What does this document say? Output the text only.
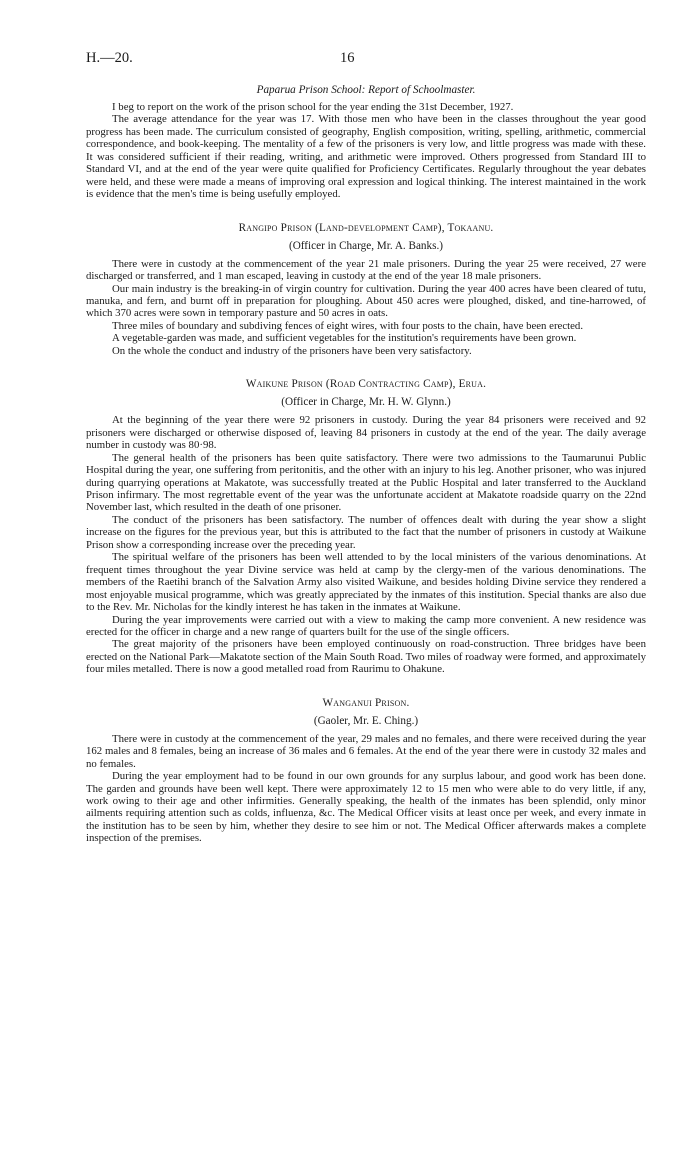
H.—20.	16

Paparua Prison School: Report of Schoolmaster.

I beg to report on the work of the prison school for the year ending the 31st December, 1927.

The average attendance for the year was 17. With those men who have been in the classes throughout the year good progress has been made. The curriculum consisted of geography, English composition, writing, spelling, arithmetic, commercial correspondence, and book-keeping. The mentality of a few of the prisoners is very low, and little progress was made with these. It was considered sufficient if their reading, writing, and arithmetic were improved. Others progressed from Standard III to Standard VI, and at the end of the year were quite qualified for Proficiency Certificates. Regularly throughout the year debates were held, and these were made a means of improving oral expression and logical thinking. The interest maintained in the work is evidence that the men's time is being usefully employed.

Rangipo Prison (Land-development Camp), Tokaanu.

(Officer in Charge, Mr. A. Banks.)

There were in custody at the commencement of the year 21 male prisoners. During the year 25 were received, 27 were discharged or transferred, and 1 man escaped, leaving in custody at the end of the year 18 male prisoners.

Our main industry is the breaking-in of virgin country for cultivation. During the year 400 acres have been cleared of tutu, manuka, and fern, and burnt off in preparation for ploughing. About 450 acres were ploughed, disked, and tine-harrowed, of which 370 acres were sown in temporary pasture and 50 acres in oats.

Three miles of boundary and subdiving fences of eight wires, with four posts to the chain, have been erected.

A vegetable-garden was made, and sufficient vegetables for the institution's requirements have been grown.

On the whole the conduct and industry of the prisoners have been very satisfactory.

Waikune Prison (Road Contracting Camp), Erua.

(Officer in Charge, Mr. H. W. Glynn.)

At the beginning of the year there were 92 prisoners in custody. During the year 84 prisoners were received and 92 prisoners were discharged or otherwise disposed of, leaving 84 prisoners in custody at the end of the year. The daily average number in custody was 80·98.

The general health of the prisoners has been quite satisfactory. There were two admissions to the Taumarunui Public Hospital during the year, one suffering from peritonitis, and the other with an injury to his leg. Another prisoner, who was injured during quarrying operations at Makatote, was successfully treated at the Public Hospital and later transferred to the Auckland Prison infirmary. The most regrettable event of the year was the unfortunate accident at Makatote roadside quarry on the 22nd November last, which resulted in the death of one prisoner.

The conduct of the prisoners has been satisfactory. The number of offences dealt with during the year show a slight increase on the figures for the previous year, but this is attributed to the fact that the number of prisoners in custody at Waikune Prison show a corresponding increase over the preceding year.

The spiritual welfare of the prisoners has been well attended to by the local ministers of the various denominations. At frequent times throughout the year Divine service was held at camp by the clergy-men of the various denominations. The members of the Raetihi branch of the Salvation Army also visited Waikune, and besides holding Divine service they rendered a most enjoyable musical programme, which was greatly appreciated by the inmates of this institution. Special thanks are also due to the Rev. Mr. Nicholas for the kindly interest he has taken in the inmates at Waikune.

During the year improvements were carried out with a view to making the camp more convenient. A new residence was erected for the officer in charge and a new range of quarters built for the use of the single officers.

The great majority of the prisoners have been employed continuously on road-construction. Three bridges have been erected on the National Park—Makatote section of the Main South Road. Two miles of roadway were formed, and approximately four miles metalled. There is now a good metalled road from Raurimu to Ohakune.

Wanganui Prison.

(Gaoler, Mr. E. Ching.)

There were in custody at the commencement of the year, 29 males and no females, and there were received during the year 162 males and 8 females, being an increase of 36 males and 6 females. At the end of the year there were in custody 32 males and no females.

During the year employment had to be found in our own grounds for any surplus labour, and good work has been done. The garden and grounds have been well kept. There were approximately 12 to 15 men who were able to do very little, if any, work owing to their age and other infirmities. Generally speaking, the health of the inmates has been splendid, only minor ailments requiring attention such as colds, influenza, &c. The Medical Officer visits at least once per week, and every inmate in the institution has to be seen by him, whether they desire to see him or not. The Medical Officer afterwards makes a complete inspection of the premises.
